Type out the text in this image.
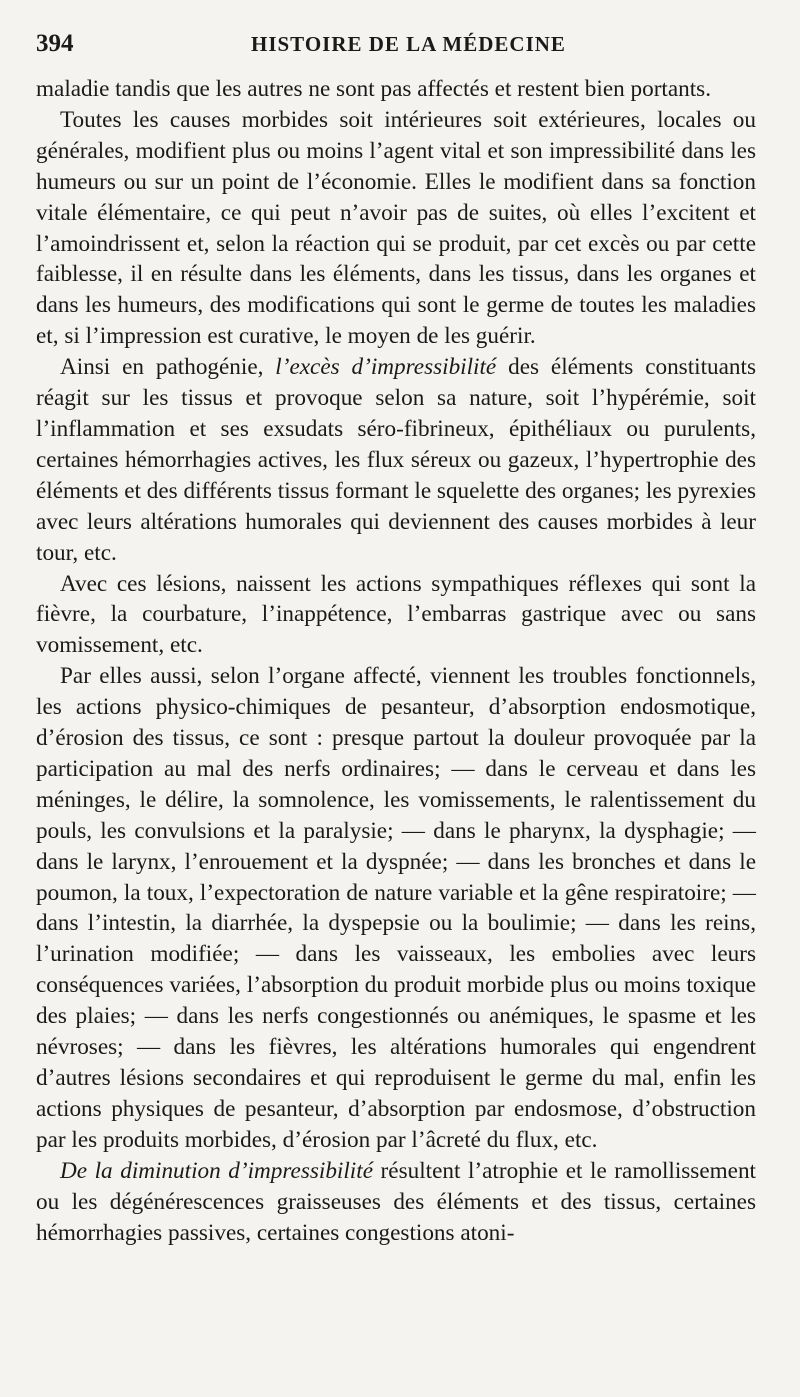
394	HISTOIRE DE LA MÉDECINE

maladie tandis que les autres ne sont pas affectés et restent bien portants.

Toutes les causes morbides soit intérieures soit extérieures, locales ou générales, modifient plus ou moins l’agent vital et son impressibilité dans les humeurs ou sur un point de l’économie. Elles le modifient dans sa fonction vitale élémentaire, ce qui peut n’avoir pas de suites, où elles l’excitent et l’amoindrissent et, selon la réaction qui se produit, par cet excès ou par cette faiblesse, il en résulte dans les éléments, dans les tissus, dans les organes et dans les humeurs, des modifications qui sont le germe de toutes les maladies et, si l’impression est curative, le moyen de les guérir.

Ainsi en pathogénie, l’excès d’impressibilité des éléments constituants réagit sur les tissus et provoque selon sa nature, soit l’hypérémie, soit l’inflammation et ses exsudats séro-fibrineux, épithéliaux ou purulents, certaines hémorrhagies actives, les flux séreux ou gazeux, l’hypertrophie des éléments et des différents tissus formant le squelette des organes; les pyrexies avec leurs altérations humorales qui deviennent des causes morbides à leur tour, etc.

Avec ces lésions, naissent les actions sympathiques réflexes qui sont la fièvre, la courbature, l’inappétence, l’embarras gastrique avec ou sans vomissement, etc.

Par elles aussi, selon l’organe affecté, viennent les troubles fonctionnels, les actions physico-chimiques de pesanteur, d’absorption endosmotique, d’érosion des tissus, ce sont : presque partout la douleur provoquée par la participation au mal des nerfs ordinaires; — dans le cerveau et dans les méninges, le délire, la somnolence, les vomissements, le ralentissement du pouls, les convulsions et la paralysie; — dans le pharynx, la dysphagie; — dans le larynx, l’enrouement et la dyspnée; — dans les bronches et dans le poumon, la toux, l’expectoration de nature variable et la gêne respiratoire; — dans l’intestin, la diarrhée, la dyspepsie ou la boulimie; — dans les reins, l’urination modifiée; — dans les vaisseaux, les embolies avec leurs conséquences variées, l’absorption du produit morbide plus ou moins toxique des plaies; — dans les nerfs congestionnés ou anémiques, le spasme et les névroses; — dans les fièvres, les altérations humorales qui engendrent d’autres lésions secondaires et qui reproduisent le germe du mal, enfin les actions physiques de pesanteur, d’absorption par endosmose, d’obstruction par les produits morbides, d’érosion par l’âcreté du flux, etc.

De la diminution d’impressibilité résultent l’atrophie et le ramollissement ou les dégénérescences graisseuses des éléments et des tissus, certaines hémorrhagies passives, certaines congestions atoni-
